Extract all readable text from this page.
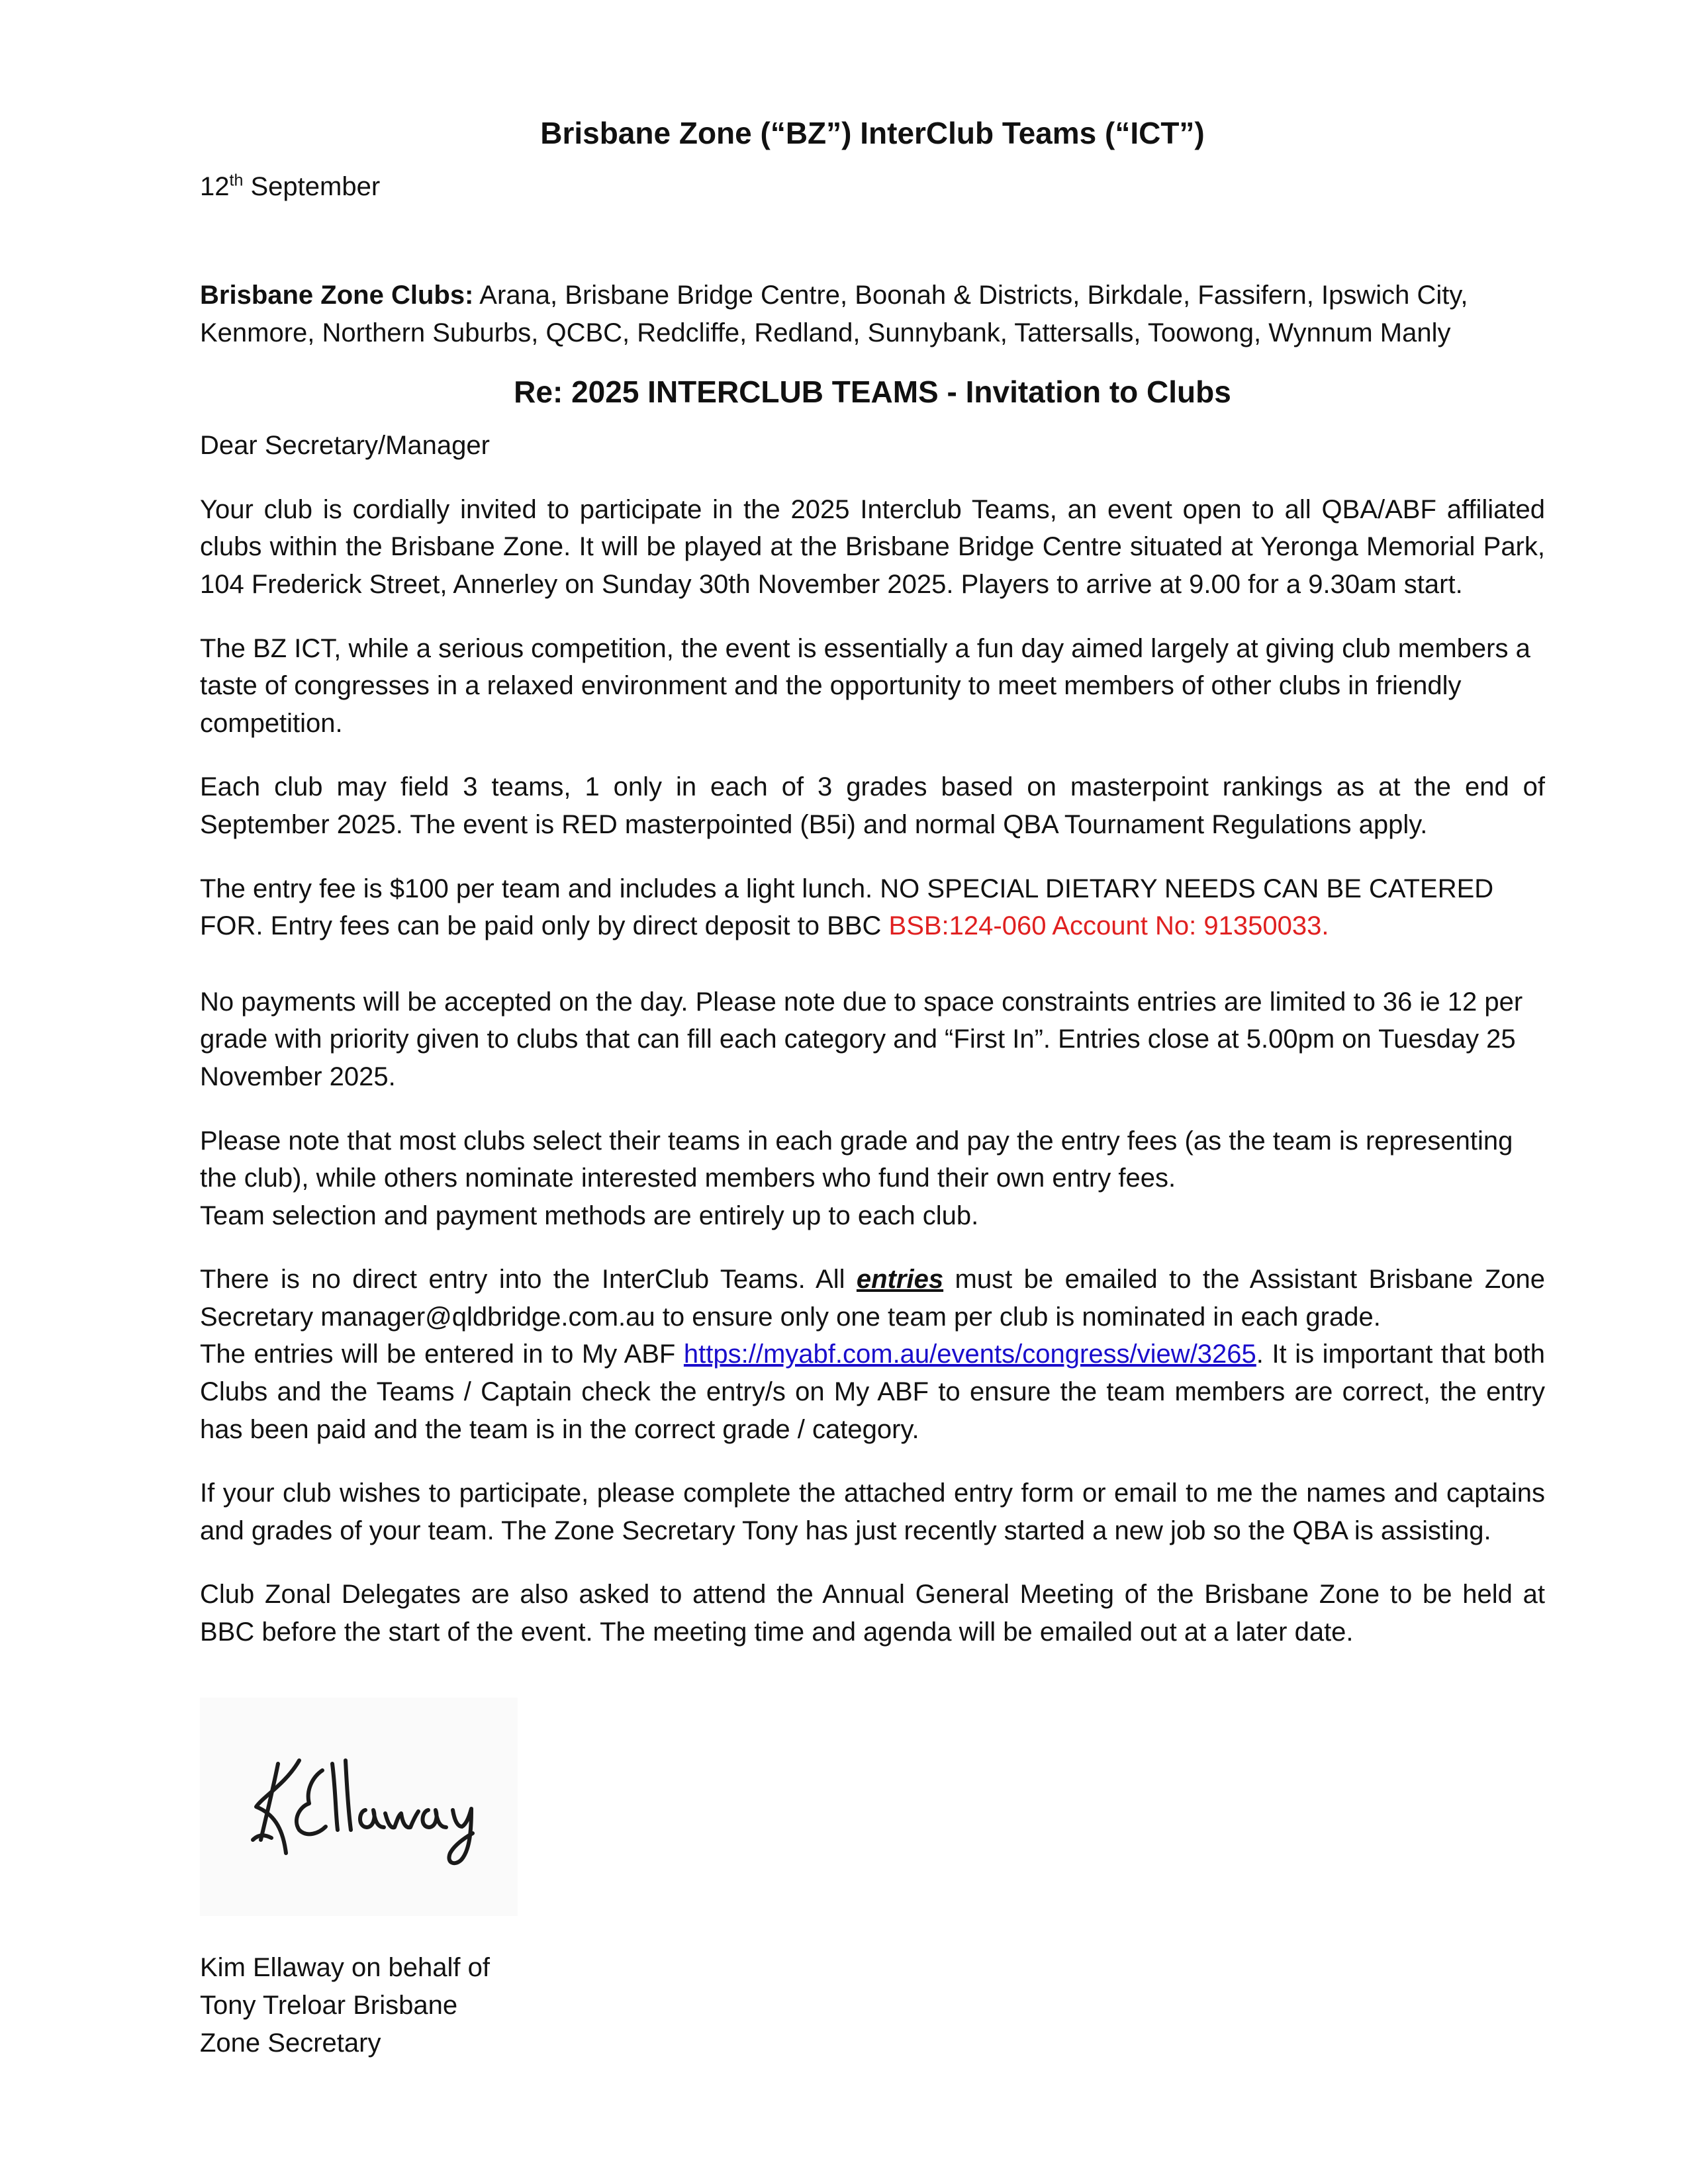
Brisbane Zone (“BZ”) InterClub Teams (“ICT”)
12th September

Brisbane Zone Clubs: Arana, Brisbane Bridge Centre, Boonah & Districts, Birkdale, Fassifern, Ipswich City, Kenmore, Northern Suburbs, QCBC, Redcliffe, Redland, Sunnybank, Tattersalls, Toowong, Wynnum Manly

Re: 2025 INTERCLUB TEAMS - Invitation to Clubs

Dear Secretary/Manager

Your club is cordially invited to participate in the 2025 Interclub Teams, an event open to all QBA/ABF affiliated clubs within the Brisbane Zone. It will be played at the Brisbane Bridge Centre situated at Yeronga Memorial Park, 104 Frederick Street, Annerley on Sunday 30th November 2025. Players to arrive at 9.00 for a 9.30am start.

The BZ ICT, while a serious competition, the event is essentially a fun day aimed largely at giving club members a taste of congresses in a relaxed environment and the opportunity to meet members of other clubs in friendly competition.

Each club may field 3 teams, 1 only in each of 3 grades based on masterpoint rankings as at the end of September 2025. The event is RED masterpointed (B5i) and normal QBA Tournament Regulations apply.

The entry fee is $100 per team and includes a light lunch. NO SPECIAL DIETARY NEEDS CAN BE CATERED FOR. Entry fees can be paid only by direct deposit to BBC BSB:124-060 Account No: 91350033.

No payments will be accepted on the day. Please note due to space constraints entries are limited to 36 ie 12 per grade with priority given to clubs that can fill each category and “First In”. Entries close at 5.00pm on Tuesday 25 November 2025.

Please note that most clubs select their teams in each grade and pay the entry fees (as the team is representing the club), while others nominate interested members who fund their own entry fees.

Team selection and payment methods are entirely up to each club.

There is no direct entry into the InterClub Teams. All entries must be emailed to the Assistant Brisbane Zone Secretary manager@qldbridge.com.au to ensure only one team per club is nominated in each grade.
The entries will be entered in to My ABF https://myabf.com.au/events/congress/view/3265. It is important that both Clubs and the Teams / Captain check the entry/s on My ABF to ensure the team members are correct, the entry has been paid and the team is in the correct grade / category.

If your club wishes to participate, please complete the attached entry form or email to me the names and captains and grades of your team. The Zone Secretary Tony has just recently started a new job so the QBA is assisting.

Club Zonal Delegates are also asked to attend the Annual General Meeting of the Brisbane Zone to be held at BBC before the start of the event. The meeting time and agenda will be emailed out at a later date.

Kim Ellaway on behalf of

Tony Treloar Brisbane

Zone Secretary
